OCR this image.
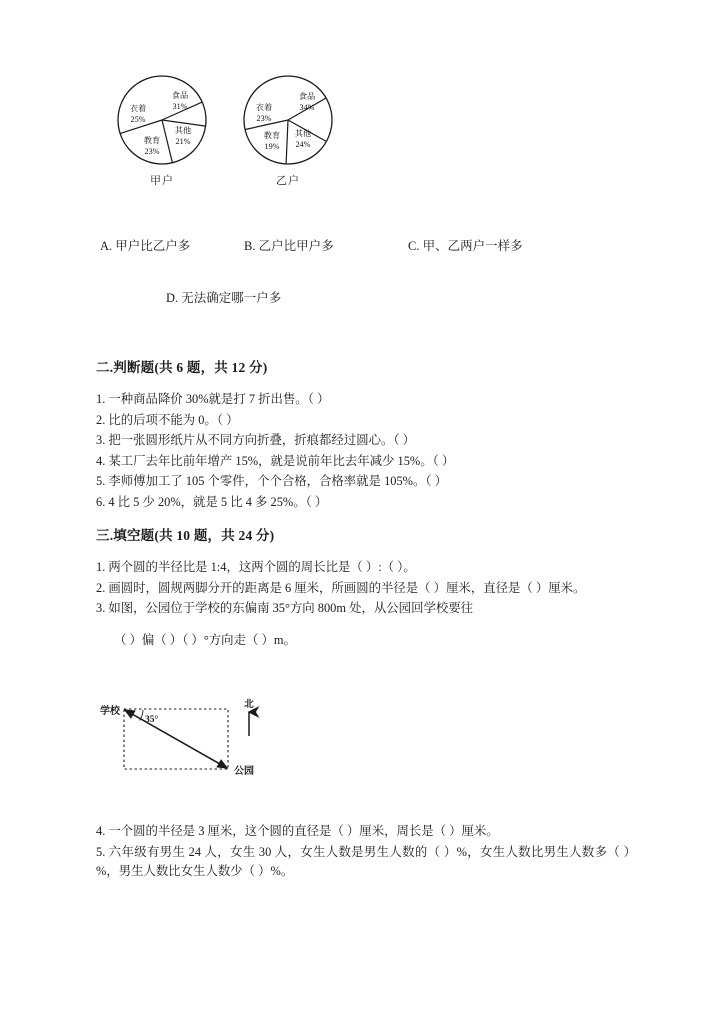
食品
31%
其他
21%
教育
23%
衣着
25%
甲户
食品
34%
其他
24%
教育
19%
衣着
23%
乙户
A. 甲户比乙户多	B. 乙户比甲户多	C. 甲、乙两户一样多
D. 无法确定哪一户多
二.判断题(共 6 题，共 12 分)

1. 一种商品降价 30%就是打 7 折出售。（ ）

2. 比的后项不能为 0。（ ）

3. 把一张圆形纸片从不同方向折叠，折痕都经过圆心。（ ）

4. 某工厂去年比前年增产 15%，就是说前年比去年减少 15%。（ ）

5. 李师傅加工了 105 个零件，个个合格，合格率就是 105%。（ ）

6. 4 比 5 少 20%，就是 5 比 4 多 25%。（ ）

三.填空题(共 10 题，共 24 分)

1. 两个圆的半径比是 1:4，这两个圆的周长比是（ ）:（ ）。

2. 画圆时，圆规两脚分开的距离是 6 厘米，所画圆的半径是（ ）厘米，直径是（ ）厘米。

3. 如图，公园位于学校的东偏南 35°方向 800m 处，从公园回学校要往

（ ）偏（ ）（ ）°方向走（ ）m。

35°
学校
公园
北

4. 一个圆的半径是 3 厘米，这个圆的直径是（ ）厘米，周长是（ ）厘米。

5. 六年级有男生 24 人，女生 30 人，女生人数是男生人数的（ ）%，女生人数比男生人数多（ ）%，男生人数比女生人数少（ ）%。
